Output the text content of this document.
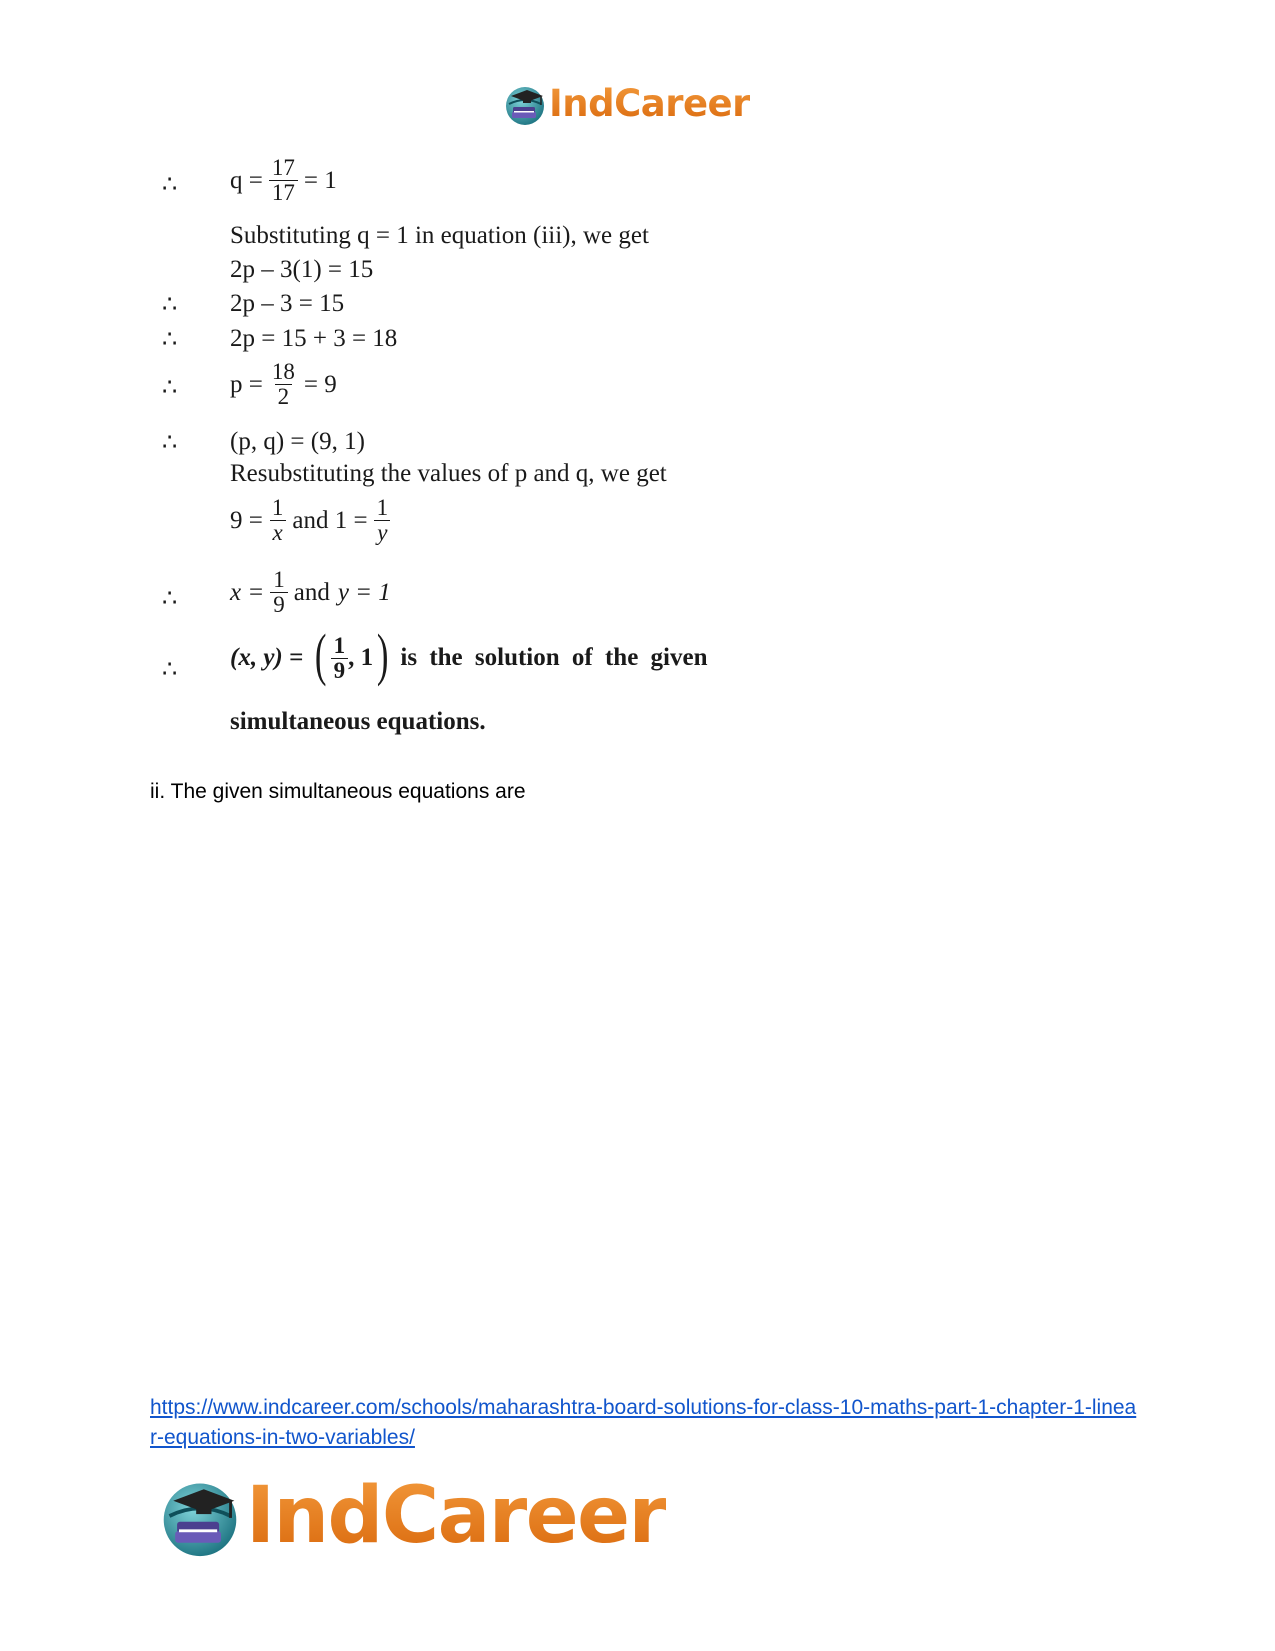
IndCareer
∴ $q = \frac{17}{17} = 1$
Substituting q = 1 in equation (iii), we get
2p – 3(1) = 15
∴ 2p – 3 = 15
∴ 2p = 15 + 3 = 18
∴ $p = \frac{18}{2} = 9$
∴ (p, q) = (9, 1)
Resubstituting the values of p and q, we get
$9 = \frac{1}{x}$ and $1 = \frac{1}{y}$
∴ $x = \frac{1}{9}$ and y = 1
∴ (x, y) = ( $\frac{1}{9}$ , 1 ) is the solution of the given
simultaneous equations.
ii. The given simultaneous equations are
https://www.indcareer.com/schools/maharashtra-board-solutions-for-class-10-maths-part-1-chapter-1-linear-equations-in-two-variables/
IndCareer
